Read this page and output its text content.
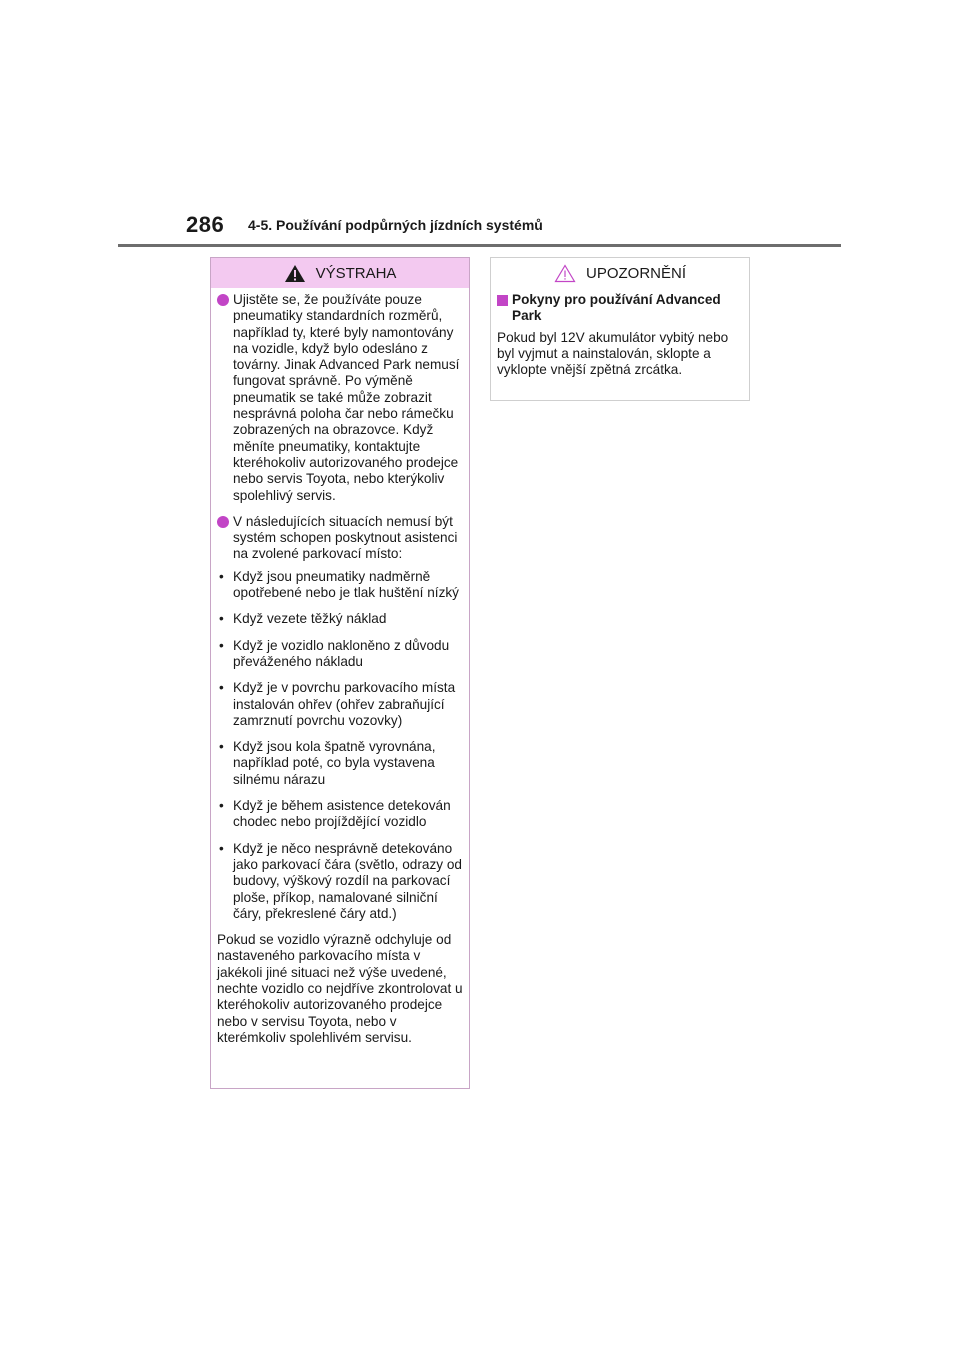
286 4-5. Používání podpůrných jízdních systémů
VÝSTRAHA
Ujistěte se, že používáte pouze pneumatiky standardních rozměrů, například ty, které byly namontovány na vozidle, když bylo odesláno z továrny. Jinak Advanced Park nemusí fungovat správně. Po výměně pneumatik se také může zobrazit nesprávná poloha čar nebo rámečku zobrazených na obrazovce. Když měníte pneumatiky, kontaktujte kteréhokoliv autorizovaného prodejce nebo servis Toyota, nebo kterýkoliv spolehlivý servis.
V následujících situacích nemusí být systém schopen poskytnout asistenci na zvolené parkovací místo:
• Když jsou pneumatiky nadměrně opotřebené nebo je tlak huštění nízký
• Když vezete těžký náklad
• Když je vozidlo nakloněno z důvodu převáženého nákladu
• Když je v povrchu parkovacího místa instalován ohřev (ohřev zabraňující zamrznutí povrchu vozovky)
• Když jsou kola špatně vyrovnána, například poté, co byla vystavena silnému nárazu
• Když je během asistence detekován chodec nebo projíždějící vozidlo
• Když je něco nesprávně detekováno jako parkovací čára (světlo, odrazy od budovy, výškový rozdíl na parkovací ploše, příkop, namalované silniční čáry, překreslené čáry atd.)

Pokud se vozidlo výrazně odchyluje od nastaveného parkovacího místa v jakékoli jiné situaci než výše uvedené, nechte vozidlo co nejdříve zkontrolovat u kteréhokoliv autorizovaného prodejce nebo v servisu Toyota, nebo v kterémkoliv spolehlivém servisu.

UPOZORNĚNÍ
Pokyny pro používání Advanced Park

Pokud byl 12V akumulátor vybitý nebo byl vyjmut a nainstalován, sklopte a vyklopte vnější zpětná zrcátka.
